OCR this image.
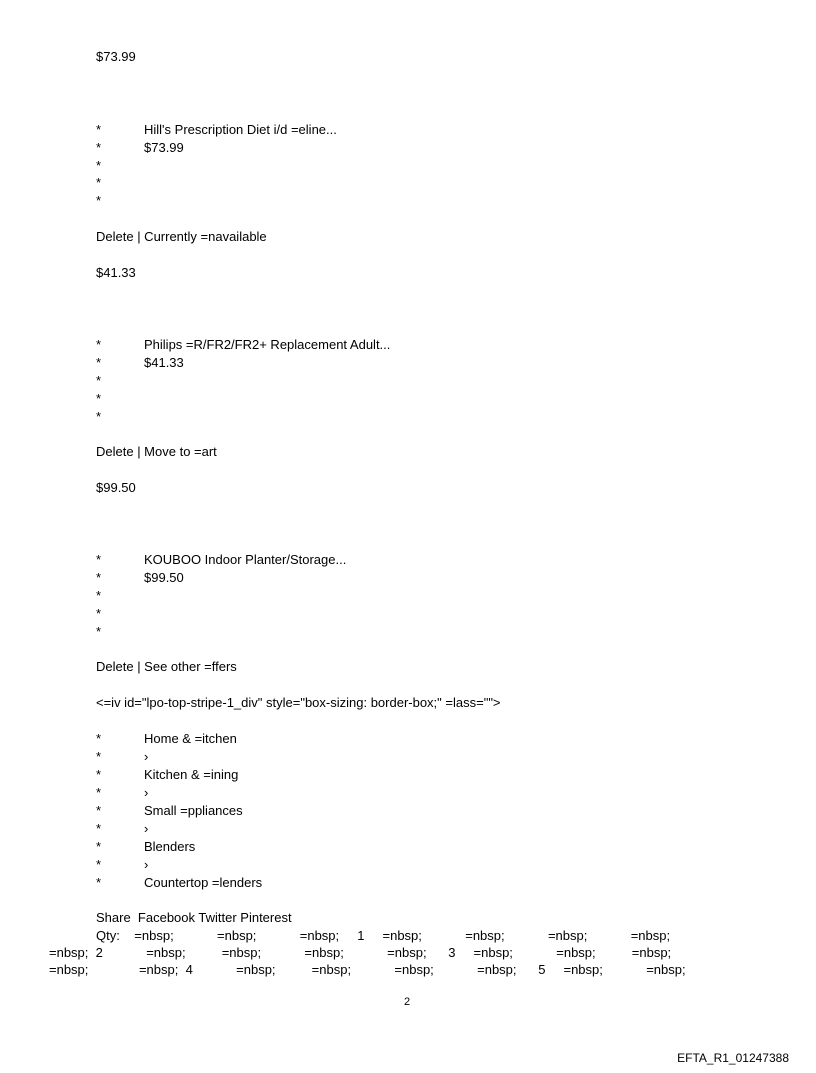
$73.99
*	Hill's Prescription Diet i/d =eline...
*	$73.99
*
*
*
Delete | Currently =navailable
$41.33
*	Philips =R/FR2/FR2+ Replacement Adult...
*	$41.33
*
*
*
Delete | Move to =art
$99.50
*	KOUBOO Indoor Planter/Storage...
*	$99.50
*
*
*
Delete | See other =ffers
<=iv id="lpo-top-stripe-1_div" style="box-sizing: border-box;" =lass="">
*	Home & =itchen
*	›
*	Kitchen & =ining
*	›
*	Small =ppliances
*	›
*	Blenders
*	›
*	Countertop =lenders
Share  Facebook Twitter Pinterest
Qty:    =nbsp;            =nbsp;            =nbsp;     1     =nbsp;            =nbsp;            =nbsp;            =nbsp;
=nbsp;  2            =nbsp;          =nbsp;            =nbsp;            =nbsp;      3     =nbsp;            =nbsp;          =nbsp;
=nbsp;              =nbsp;  4            =nbsp;          =nbsp;            =nbsp;            =nbsp;      5     =nbsp;            =nbsp;
2
EFTA_R1_01247388
